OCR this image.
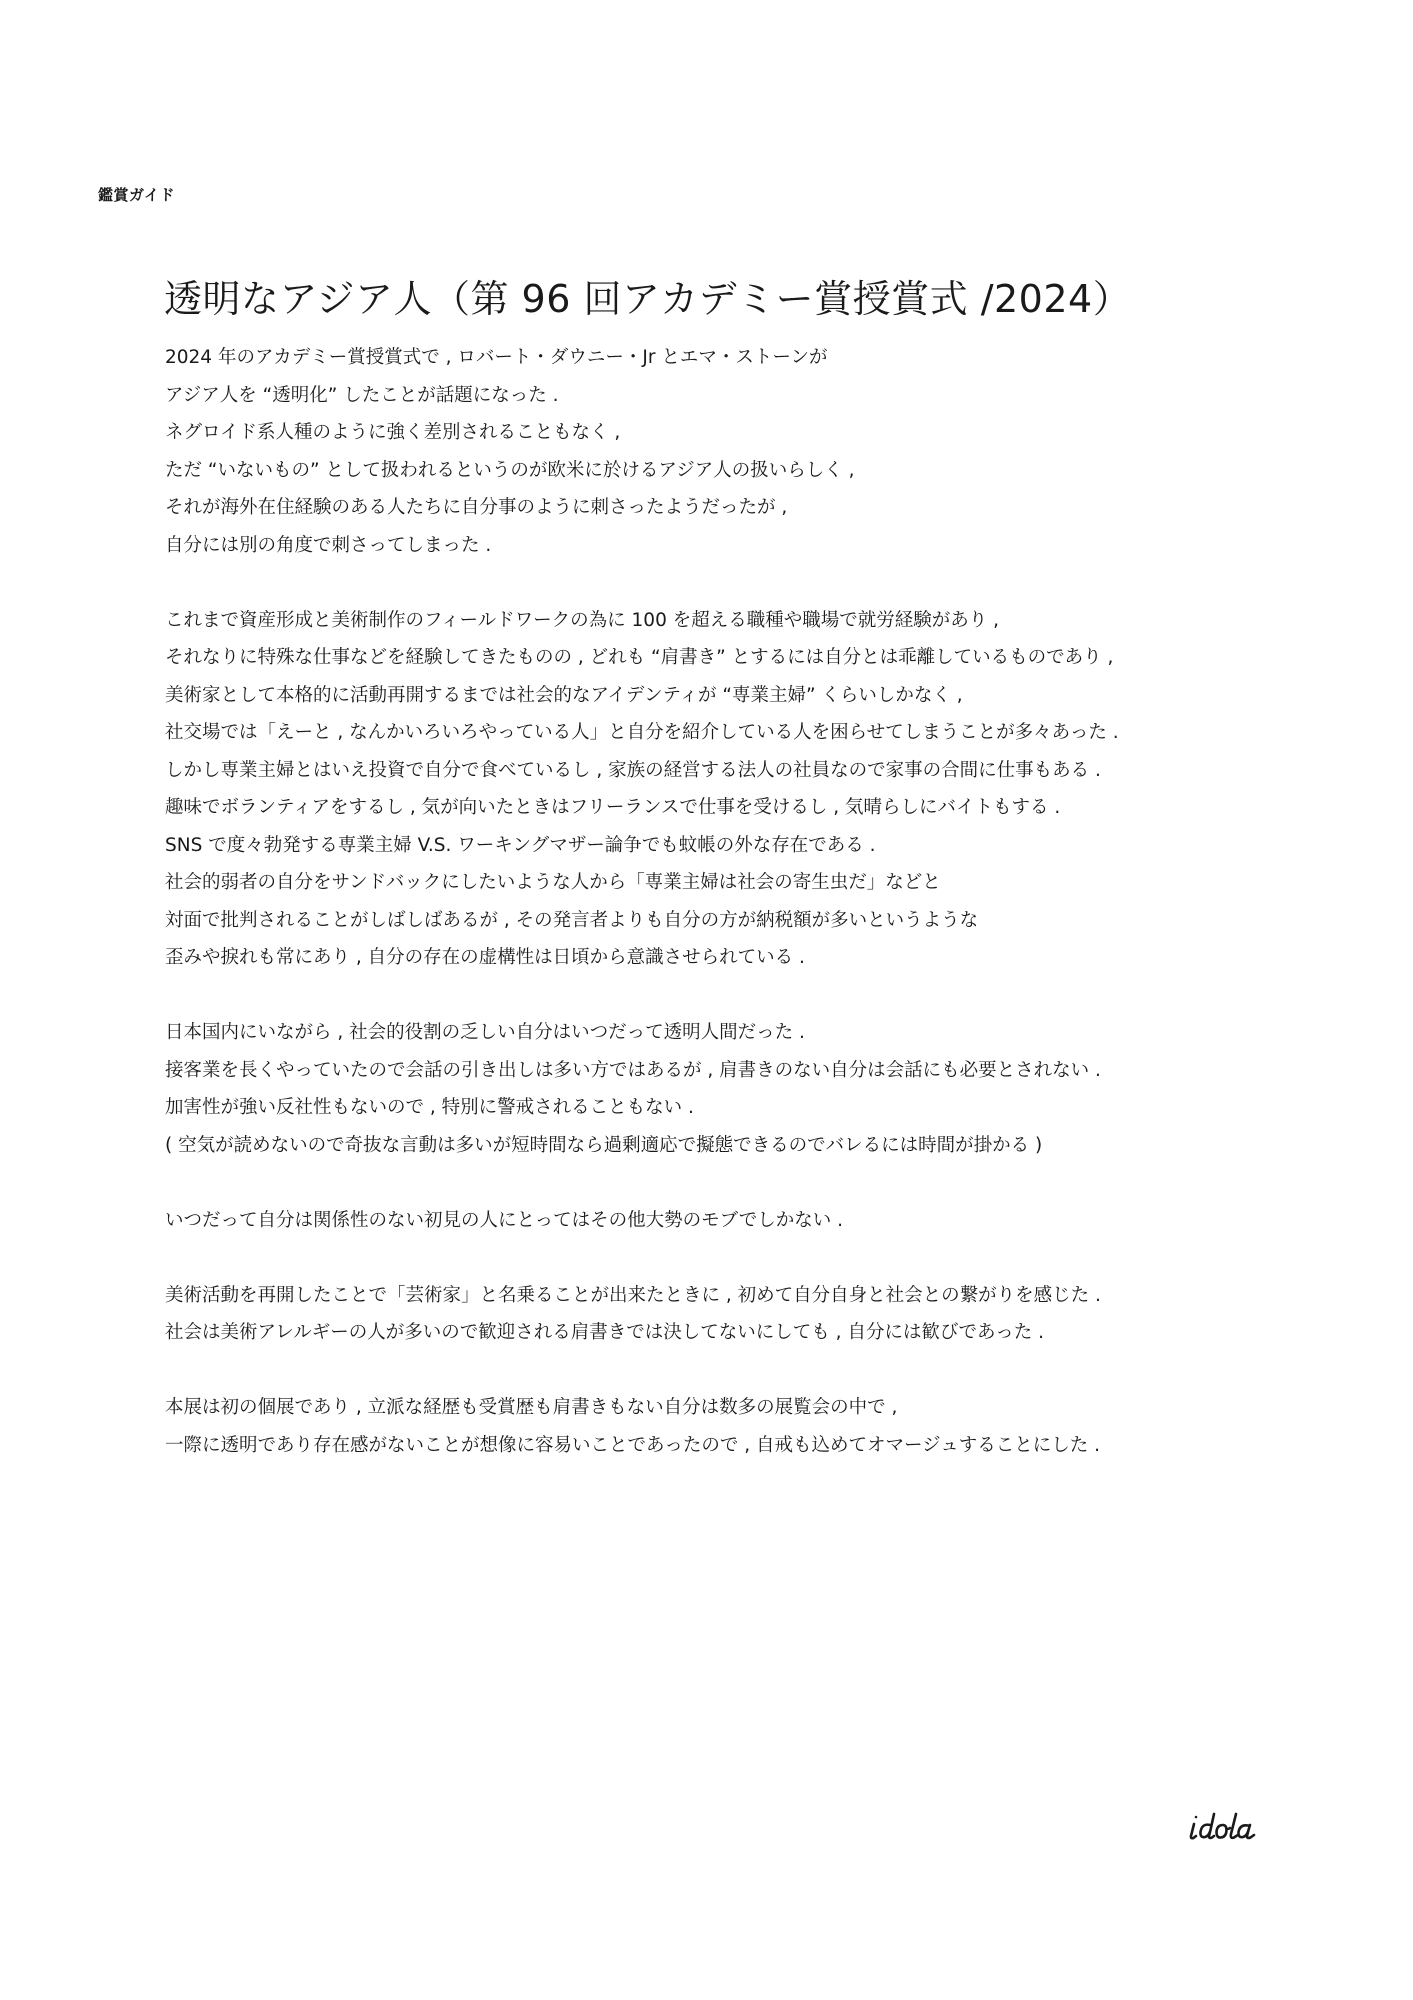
鑑賞ガイド
透明なアジア人（第 96 回アカデミー賞授賞式 /2024）

2024 年のアカデミー賞授賞式で , ロバート・ダウニー・Jr とエマ・ストーンが
アジア人を “透明化” したことが話題になった .
ネグロイド系人種のように強く差別されることもなく ,
ただ “いないもの” として扱われるというのが欧米に於けるアジア人の扱いらしく ,
それが海外在住経験のある人たちに自分事のように刺さったようだったが ,
自分には別の角度で刺さってしまった .

これまで資産形成と美術制作のフィールドワークの為に 100 を超える職種や職場で就労経験があり ,
それなりに特殊な仕事などを経験してきたものの , どれも “肩書き” とするには自分とは乖離しているものであり ,
美術家として本格的に活動再開するまでは社会的なアイデンティが “専業主婦” くらいしかなく ,
社交場では「えーと , なんかいろいろやっている人」と自分を紹介している人を困らせてしまうことが多々あった .
しかし専業主婦とはいえ投資で自分で食べているし , 家族の経営する法人の社員なので家事の合間に仕事もある .
趣味でボランティアをするし , 気が向いたときはフリーランスで仕事を受けるし , 気晴らしにバイトもする .
SNS で度々勃発する専業主婦 V.S. ワーキングマザー論争でも蚊帳の外な存在である .
社会的弱者の自分をサンドバックにしたいような人から「専業主婦は社会の寄生虫だ」などと
対面で批判されることがしばしばあるが , その発言者よりも自分の方が納税額が多いというような
歪みや捩れも常にあり , 自分の存在の虚構性は日頃から意識させられている .

日本国内にいながら , 社会的役割の乏しい自分はいつだって透明人間だった .
接客業を長くやっていたので会話の引き出しは多い方ではあるが , 肩書きのない自分は会話にも必要とされない .
加害性が強い反社性もないので , 特別に警戒されることもない .
( 空気が読めないので奇抜な言動は多いが短時間なら過剰適応で擬態できるのでバレるには時間が掛かる )

いつだって自分は関係性のない初見の人にとってはその他大勢のモブでしかない .

美術活動を再開したことで「芸術家」と名乗ることが出来たときに , 初めて自分自身と社会との繋がりを感じた .
社会は美術アレルギーの人が多いので歓迎される肩書きでは決してないにしても , 自分には歓びであった .

本展は初の個展であり , 立派な経歴も受賞歴も肩書きもない自分は数多の展覧会の中で ,
一際に透明であり存在感がないことが想像に容易いことであったので , 自戒も込めてオマージュすることにした .

idola
